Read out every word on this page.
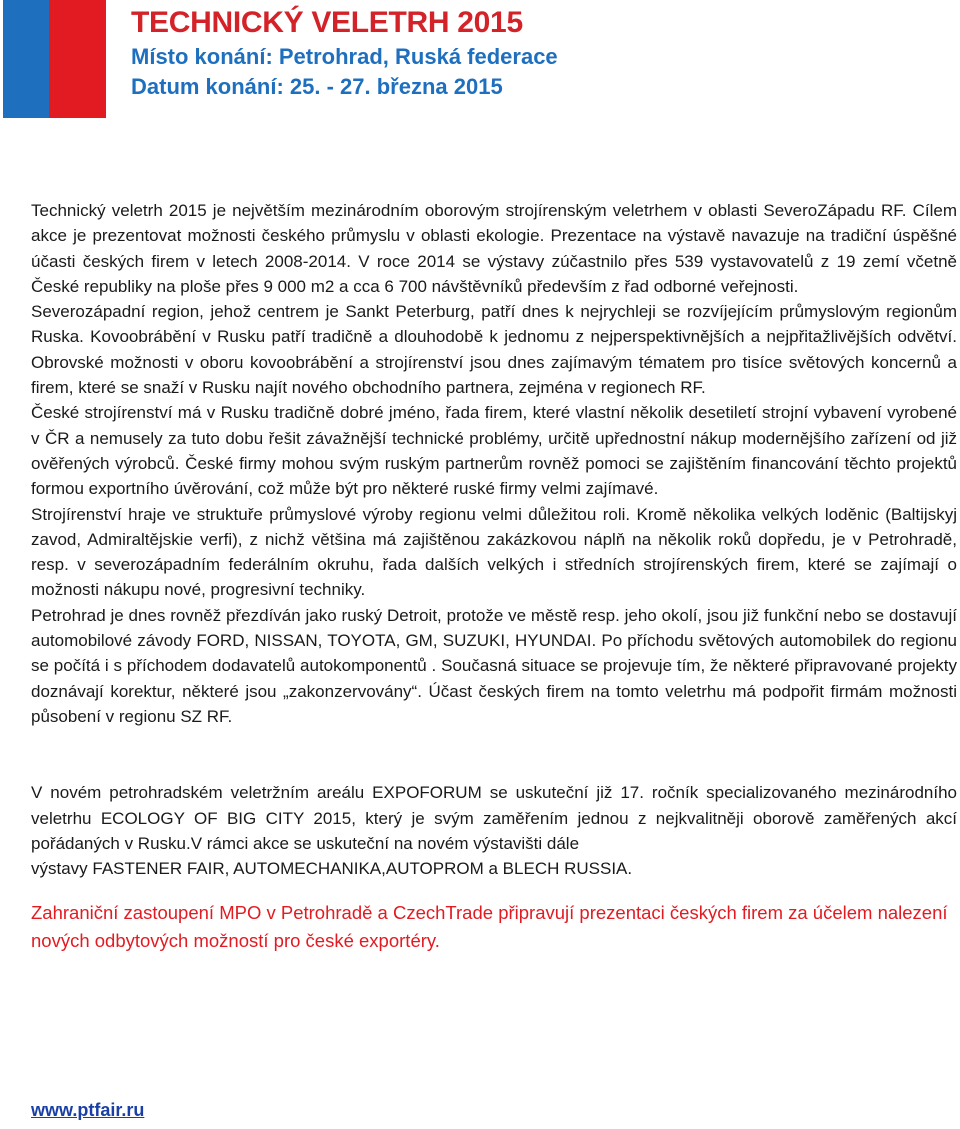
TECHNICKÝ VELETRH 2015
Místo konání: Petrohrad, Ruská federace
Datum konání: 25. - 27. března 2015

Technický veletrh 2015 je největším mezinárodním oborovým strojírenským veletrhem v oblasti SeveroZápadu RF. Cílem akce je prezentovat možnosti českého průmyslu v oblasti ekologie. Prezentace na výstavě navazuje na tradiční úspěšné účasti českých firem v letech 2008-2014. V roce 2014 se výstavy zúčastnilo přes 539 vystavovatelů z 19 zemí včetně České republiky na ploše přes 9 000 m2 a cca 6 700 návštěvníků především z řad odborné veřejnosti.

Severozápadní region, jehož centrem je Sankt Peterburg, patří dnes k nejrychleji se rozvíjejícím průmyslovým regionům Ruska. Kovoobrábění v Rusku patří tradičně a dlouhodobě k jednomu z nejperspektivnějších a nejpřitažlivějších odvětví. Obrovské možnosti v oboru kovoobrábění a strojírenství jsou dnes zajímavým tématem pro tisíce světových koncernů a firem, které se snaží v Rusku najít nového obchodního partnera, zejména v regionech RF.

České strojírenství má v Rusku tradičně dobré jméno, řada firem, které vlastní několik desetiletí strojní vybavení vyrobené v ČR a nemusely za tuto dobu řešit závažnější technické problémy, určitě upřednostní nákup modernějšího zařízení od již ověřených výrobců. České firmy mohou svým ruským partnerům rovněž pomoci se zajištěním financování těchto projektů formou exportního úvěrování, což může být pro některé ruské firmy velmi zajímavé.

Strojírenství hraje ve struktuře průmyslové výroby regionu velmi důležitou roli. Kromě několika velkých loděnic (Baltijskyj zavod, Admiraltějskie verfi), z nichž většina má zajištěnou zakázkovou náplň na několik roků dopředu, je v Petrohradě, resp. v severozápadním federálním okruhu, řada dalších velkých i středních strojírenských firem, které se zajímají o možnosti nákupu nové, progresivní techniky.

Petrohrad je dnes rovněž přezdíván jako ruský Detroit, protože ve městě resp. jeho okolí, jsou již funkční nebo se dostavují automobilové závody FORD, NISSAN, TOYOTA, GM, SUZUKI, HYUNDAI. Po příchodu světových automobilek do regionu se počítá i s příchodem dodavatelů autokomponentů . Současná situace se projevuje tím, že některé připravované projekty doznávají korektur, některé jsou „zakonzervovány“. Účast českých firem na tomto veletrhu má podpořit firmám možnosti působení v regionu SZ RF.

V novém petrohradském veletržním areálu EXPOFORUM se uskuteční již 17. ročník specializovaného mezinárodního veletrhu ECOLOGY OF BIG CITY 2015, který je svým zaměřením jednou z nejkvalitněji oborově zaměřených akcí pořádaných v Rusku.V rámci akce se uskuteční na novém výstavišti dále

výstavy FASTENER FAIR, AUTOMECHANIKA,AUTOPROM a BLECH RUSSIA.

Zahraniční zastoupení MPO v Petrohradě a CzechTrade připravují prezentaci českých firem za účelem nalezení nových odbytových možností pro české exportéry.

www.ptfair.ru
